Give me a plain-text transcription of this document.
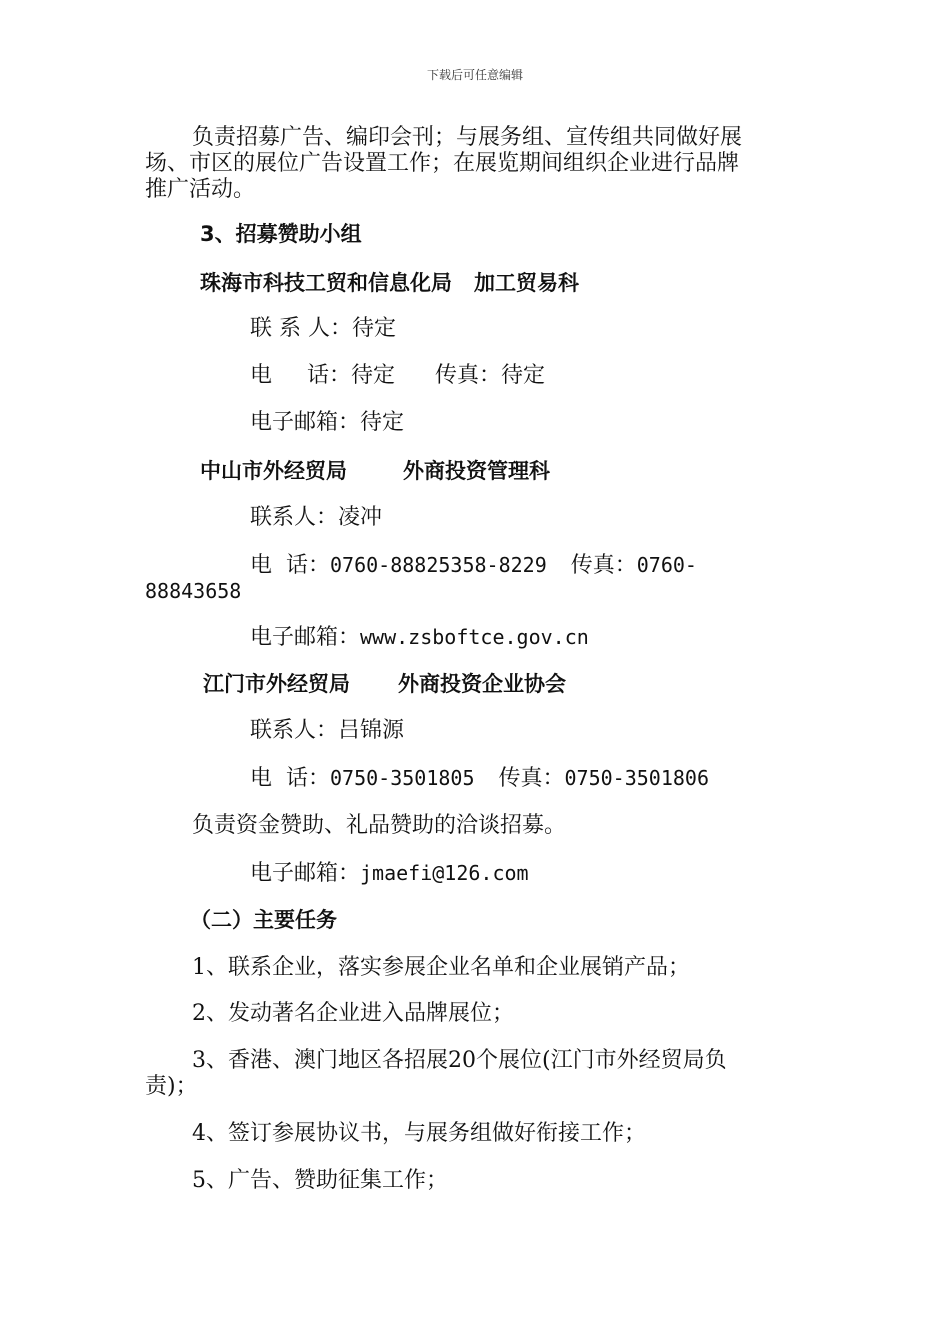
下载后可任意编辑
负责招募广告、编印会刊；与展务组、宣传组共同做好展
场、市区的展位广告设置工作；在展览期间组织企业进行品牌
推广活动。
3、招募赞助小组
珠海市科技工贸和信息化局 加工贸易科
联 系 人：待定
电     话：待定 传真：待定
电子邮箱：待定
中山市外经贸局	外商投资管理科
联系人：凌冲
电  话：0760-88825358-8229 传真：0760-
88843658
电子邮箱：www.zsboftce.gov.cn
江门市外经贸局 外商投资企业协会
联系人：吕锦源
电  话：0750-3501805 传真：0750-3501806
负责资金赞助、礼品赞助的洽谈招募。
电子邮箱：jmaefi@126.com
（二）主要任务
1、联系企业，落实参展企业名单和企业展销产品；
2、发动著名企业进入品牌展位；
3、香港、澳门地区各招展20个展位(江门市外经贸局负
责)；
4、签订参展协议书，与展务组做好衔接工作；
5、广告、赞助征集工作；
